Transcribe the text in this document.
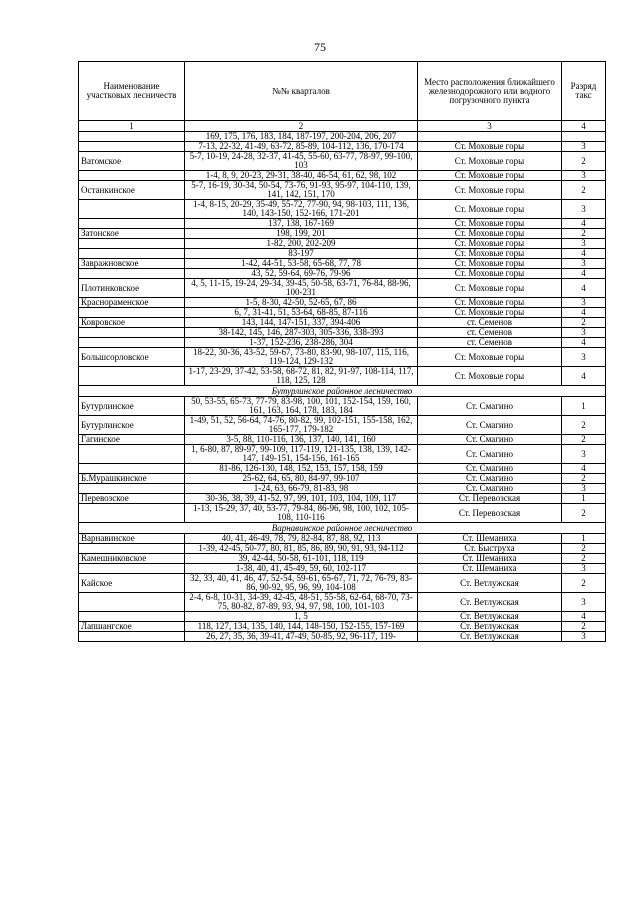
75
Наименование участковых лесничеств	№№ кварталов	Место расположения ближайшего железнодорожного или водного погрузочного пункта	Разряд такс
1	2	3	4
	169, 175, 176, 183, 184, 187-197, 200-204, 206, 207		
	7-13, 22-32, 41-49, 63-72, 85-89, 104-112, 136, 170-174	Ст. Моховые горы	3
Ватомское	5-7, 10-19, 24-28, 32-37, 41-45, 55-60, 63-77, 78-97, 99-100, 103	Ст. Моховые горы	2
	1-4, 8, 9, 20-23, 29-31, 38-40, 46-54, 61, 62, 98, 102	Ст. Моховые горы	3
Останкинское	5-7, 16-19, 30-34, 50-54, 73-76, 91-93, 95-97, 104-110, 139, 141, 142, 151, 170	Ст. Моховые горы	2
	1-4, 8-15, 20-29, 35-49, 55-72, 77-90, 94, 98-103, 111, 136, 140, 143-150, 152-166, 171-201	Ст. Моховые горы	3
	137, 138, 167-169	Ст. Моховые горы	4
Затонское	198, 199, 201	Ст. Моховые горы	2
	1-82, 200, 202-209	Ст. Моховые горы	3
	83-197	Ст. Моховые горы	4
Завражновское	1-42, 44-51, 53-58, 65-68, 77, 78	Ст. Моховые горы	3
	43, 52, 59-64, 69-76, 79-96	Ст. Моховые горы	4
Плотинковское	4, 5, 11-15, 19-24, 29-34, 39-45, 50-58, 63-71, 76-84, 88-96, 100-231	Ст. Моховые горы	4
Краснораменское	1-5, 8-30, 42-50, 52-65, 67, 86	Ст. Моховые горы	3
	6, 7, 31-41, 51, 53-64, 68-85, 87-116	Ст. Моховые горы	4
Ковровское	143, 144, 147-151, 337, 394-406	ст. Семенов	2
	38-142, 145, 146, 287-303, 305-336, 338-393	ст. Семенов	3
	1-37, 152-236, 238-286, 304	ст. Семенов	4
Большсорловское	18-22, 30-36, 43-52, 59-67, 73-80, 83-90, 98-107, 115, 116, 119-124, 129-132	Ст. Моховые горы	3
	1-17, 23-29, 37-42, 53-58, 68-72, 81, 82, 91-97, 108-114, 117, 118, 125, 128	Ст. Моховые горы	4
Бутурлинское районное лесничество			
Бутурлинское	50, 53-55, 65-73, 77-79, 83-98, 100, 101, 152-154, 159, 160, 161, 163, 164, 178, 183, 184	Ст. Смагино	1
Бутурлинское	1-49, 51, 52, 56-64, 74-76, 80-82, 99, 102-151, 155-158, 162, 165-177, 179-182	Ст. Смагино	2
Гагинское	3-5, 88, 110-116, 136, 137, 140, 141, 160	Ст. Смагино	2
	1, 6-80, 87, 89-97, 99-109, 117-119, 121-135, 138, 139, 142-147, 149-151, 154-156, 161-165	Ст. Смагино	3
	81-86, 126-130, 148, 152, 153, 157, 158, 159	Ст. Смагино	4
Б.Мурашкинское	25-62, 64, 65, 80, 84-97, 99-107	Ст. Смагино	2
	1-24, 63, 66-79, 81-83, 98	Ст. Смагино	3
Перевозское	30-36, 38, 39, 41-52, 97, 99, 101, 103, 104, 109, 117	Ст. Перевозская	1
	1-13, 15-29, 37, 40, 53-77, 79-84, 86-96, 98, 100, 102, 105-108, 110-116	Ст. Перевозская	2
Варнавинское районное лесничество			
Варнавинское	40, 41, 46-49, 78, 79, 82-84, 87, 88, 92, 113	Ст. Шеманиха	1
	1-39, 42-45, 50-77, 80, 81, 85, 86, 89, 90, 91, 93, 94-112	Ст. Быструха	2
Камешниковское	39, 42-44, 50-58, 61-101, 118, 119	Ст. Шеманиха	2
	1-38, 40, 41, 45-49, 59, 60, 102-117	Ст. Шеманиха	3
Кайское	32, 33, 40, 41, 46, 47, 52-54, 59-61, 65-67, 71, 72, 76-79, 83-86, 90-92, 95, 96, 99, 104-108	Ст. Ветлужская	2
	2-4, 6-8, 10-31, 34-39, 42-45, 48-51, 55-58, 62-64, 68-70, 73-75, 80-82, 87-89, 93, 94, 97, 98, 100, 101-103	Ст. Ветлужская	3
	1, 5	Ст. Ветлужская	4
Лапшангское	118, 127, 134, 135, 140, 144, 148-150, 152-155, 157-169	Ст. Ветлужская	2
	26, 27, 35, 36, 39-41, 47-49, 50-85, 92, 96-117, 119-	Ст. Ветлужская	3
